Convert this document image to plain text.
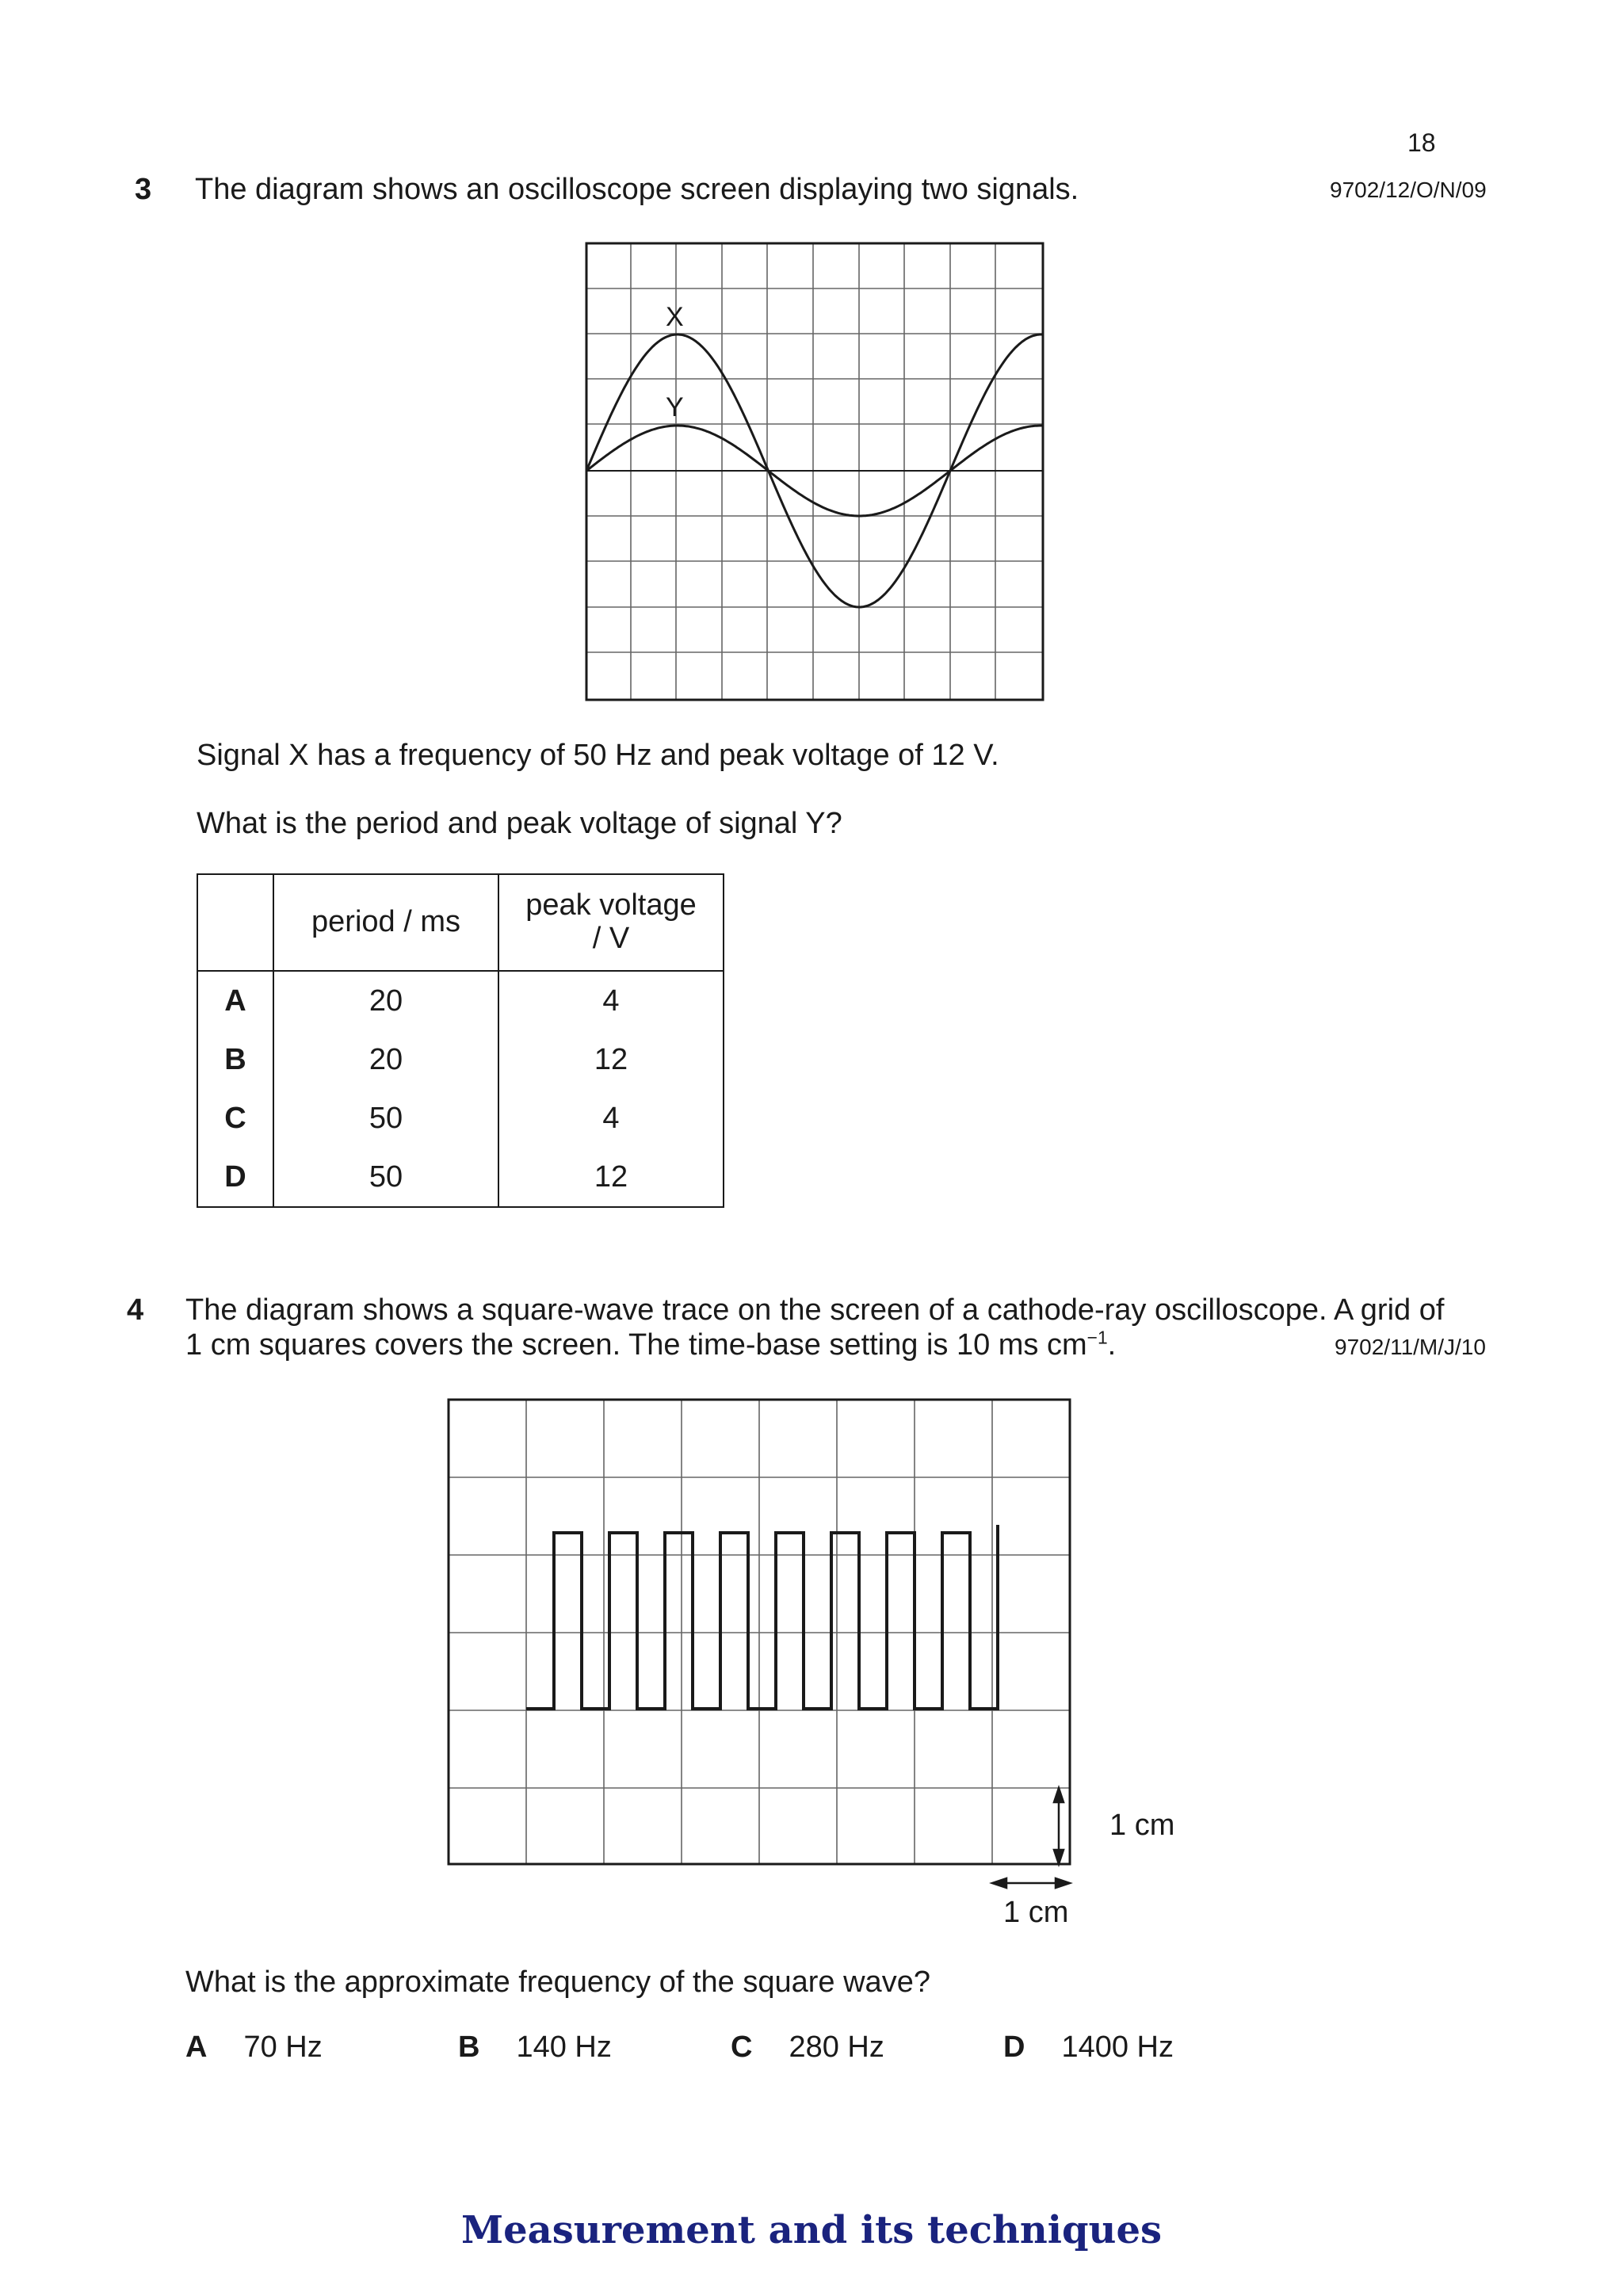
18
3 The diagram shows an oscilloscope screen displaying two signals.	9702/12/O/N/09
X
Y
Signal X has a frequency of 50 Hz and peak voltage of 12 V.
What is the period and peak voltage of signal Y?
	period / ms	peak voltage
/ V
A	20	4
B	20	12
C	50	4
D	50	12
4 The diagram shows a square-wave trace on the screen of a cathode-ray oscilloscope. A grid of
1 cm squares covers the screen. The time-base setting is 10 ms $cm^{-1}$.	9702/11/M/J/10
1 cm
1 cm
What is the approximate frequency of the square wave?
A 70 Hz	B 140 Hz	C 280 Hz	D 1400 Hz
Measurement and its techniques
